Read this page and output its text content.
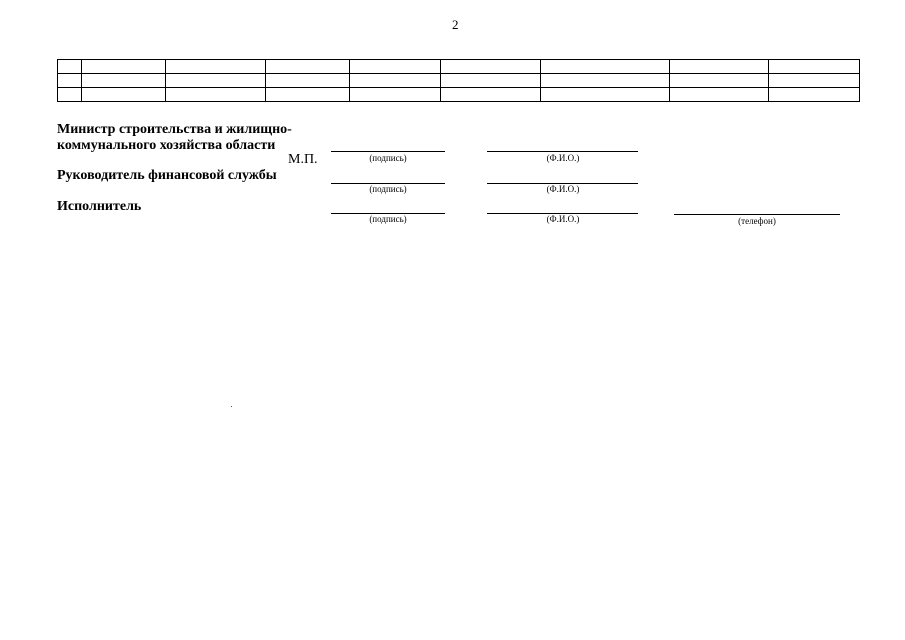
2

Министр строительства и жилищно-
коммунального хозяйства области
М.П.	(подпись)	(Ф.И.О.)
Руководитель финансовой службы
(подпись)	(Ф.И.О.)
Исполнитель
(подпись)	(Ф.И.О.)	(телефон)
